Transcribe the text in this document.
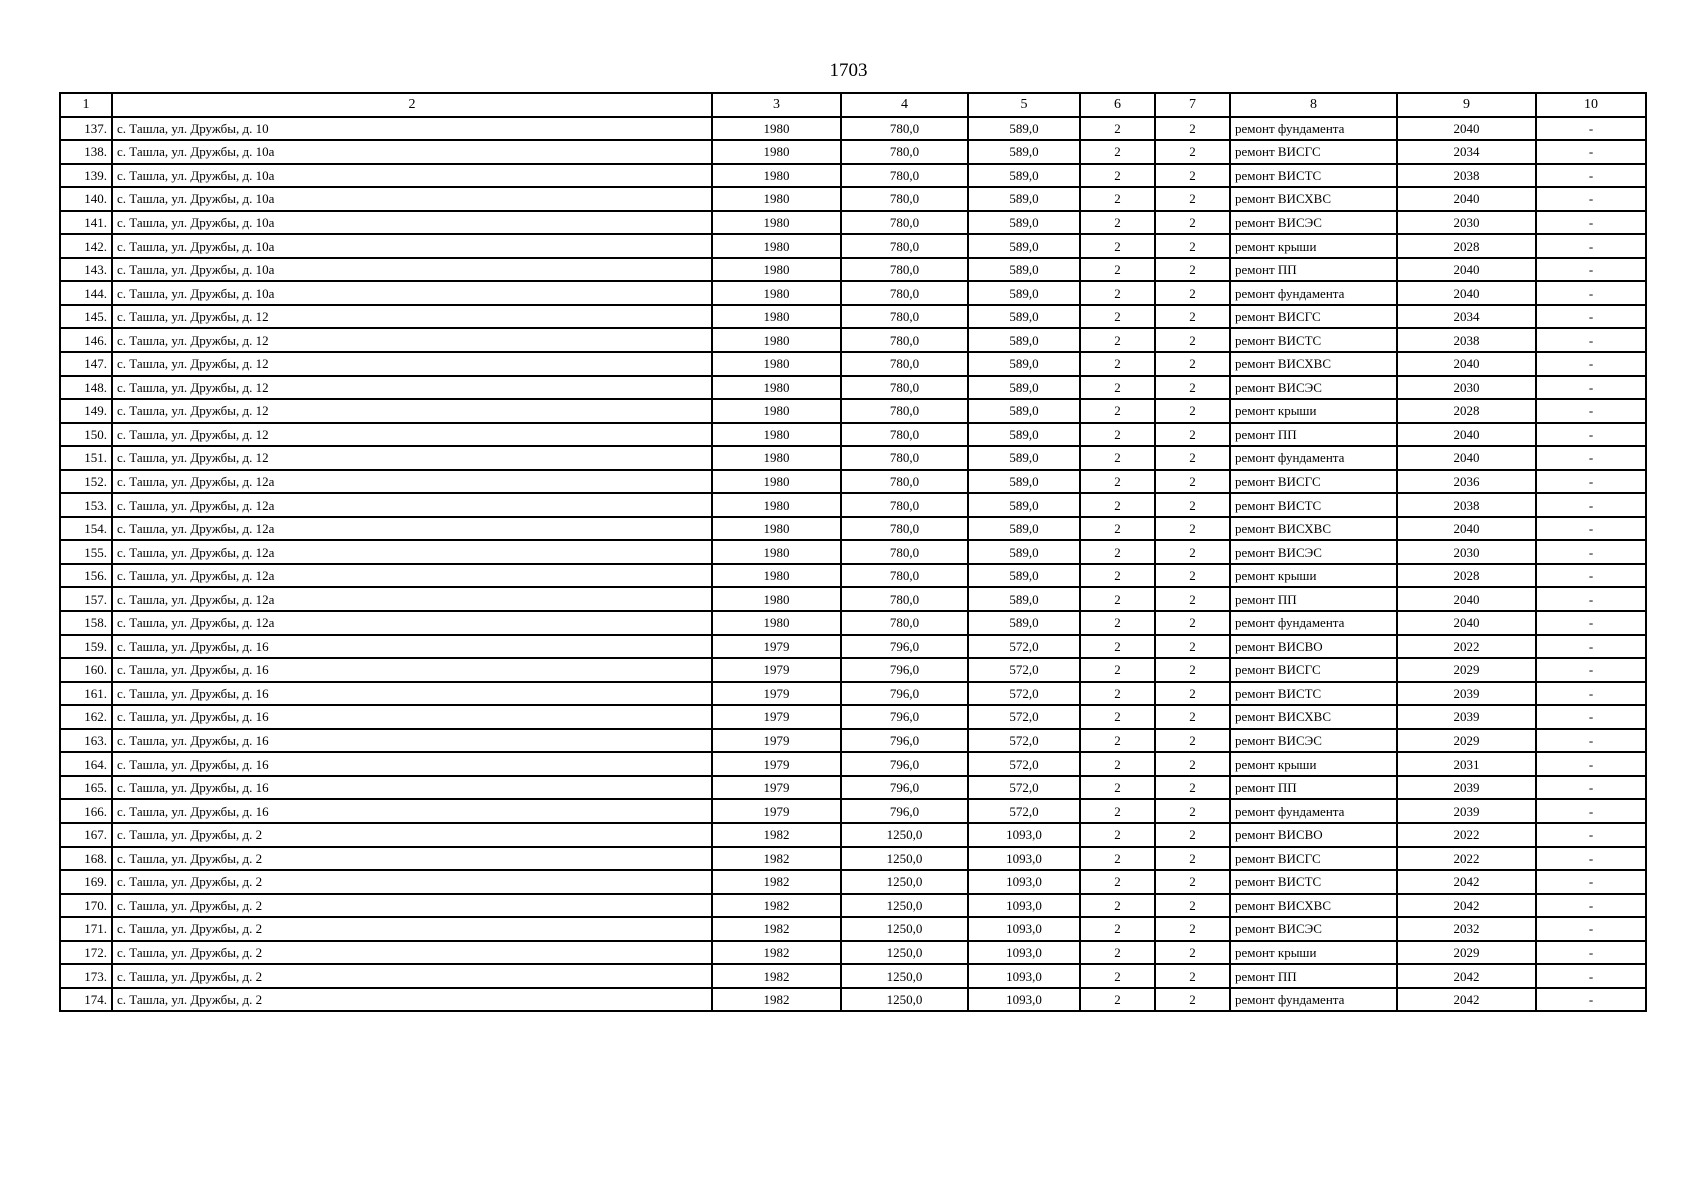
1703
1	2	3	4	5	6	7	8	9	10
137.	с. Ташла, ул. Дружбы, д. 10	1980	780,0	589,0	2	2	ремонт фундамента	2040	-
138.	с. Ташла, ул. Дружбы, д. 10а	1980	780,0	589,0	2	2	ремонт ВИСГС	2034	-
139.	с. Ташла, ул. Дружбы, д. 10а	1980	780,0	589,0	2	2	ремонт ВИСТС	2038	-
140.	с. Ташла, ул. Дружбы, д. 10а	1980	780,0	589,0	2	2	ремонт ВИСХВС	2040	-
141.	с. Ташла, ул. Дружбы, д. 10а	1980	780,0	589,0	2	2	ремонт ВИСЭС	2030	-
142.	с. Ташла, ул. Дружбы, д. 10а	1980	780,0	589,0	2	2	ремонт крыши	2028	-
143.	с. Ташла, ул. Дружбы, д. 10а	1980	780,0	589,0	2	2	ремонт ПП	2040	-
144.	с. Ташла, ул. Дружбы, д. 10а	1980	780,0	589,0	2	2	ремонт фундамента	2040	-
145.	с. Ташла, ул. Дружбы, д. 12	1980	780,0	589,0	2	2	ремонт ВИСГС	2034	-
146.	с. Ташла, ул. Дружбы, д. 12	1980	780,0	589,0	2	2	ремонт ВИСТС	2038	-
147.	с. Ташла, ул. Дружбы, д. 12	1980	780,0	589,0	2	2	ремонт ВИСХВС	2040	-
148.	с. Ташла, ул. Дружбы, д. 12	1980	780,0	589,0	2	2	ремонт ВИСЭС	2030	-
149.	с. Ташла, ул. Дружбы, д. 12	1980	780,0	589,0	2	2	ремонт крыши	2028	-
150.	с. Ташла, ул. Дружбы, д. 12	1980	780,0	589,0	2	2	ремонт ПП	2040	-
151.	с. Ташла, ул. Дружбы, д. 12	1980	780,0	589,0	2	2	ремонт фундамента	2040	-
152.	с. Ташла, ул. Дружбы, д. 12а	1980	780,0	589,0	2	2	ремонт ВИСГС	2036	-
153.	с. Ташла, ул. Дружбы, д. 12а	1980	780,0	589,0	2	2	ремонт ВИСТС	2038	-
154.	с. Ташла, ул. Дружбы, д. 12а	1980	780,0	589,0	2	2	ремонт ВИСХВС	2040	-
155.	с. Ташла, ул. Дружбы, д. 12а	1980	780,0	589,0	2	2	ремонт ВИСЭС	2030	-
156.	с. Ташла, ул. Дружбы, д. 12а	1980	780,0	589,0	2	2	ремонт крыши	2028	-
157.	с. Ташла, ул. Дружбы, д. 12а	1980	780,0	589,0	2	2	ремонт ПП	2040	-
158.	с. Ташла, ул. Дружбы, д. 12а	1980	780,0	589,0	2	2	ремонт фундамента	2040	-
159.	с. Ташла, ул. Дружбы, д. 16	1979	796,0	572,0	2	2	ремонт ВИСВО	2022	-
160.	с. Ташла, ул. Дружбы, д. 16	1979	796,0	572,0	2	2	ремонт ВИСГС	2029	-
161.	с. Ташла, ул. Дружбы, д. 16	1979	796,0	572,0	2	2	ремонт ВИСТС	2039	-
162.	с. Ташла, ул. Дружбы, д. 16	1979	796,0	572,0	2	2	ремонт ВИСХВС	2039	-
163.	с. Ташла, ул. Дружбы, д. 16	1979	796,0	572,0	2	2	ремонт ВИСЭС	2029	-
164.	с. Ташла, ул. Дружбы, д. 16	1979	796,0	572,0	2	2	ремонт крыши	2031	-
165.	с. Ташла, ул. Дружбы, д. 16	1979	796,0	572,0	2	2	ремонт ПП	2039	-
166.	с. Ташла, ул. Дружбы, д. 16	1979	796,0	572,0	2	2	ремонт фундамента	2039	-
167.	с. Ташла, ул. Дружбы, д. 2	1982	1250,0	1093,0	2	2	ремонт ВИСВО	2022	-
168.	с. Ташла, ул. Дружбы, д. 2	1982	1250,0	1093,0	2	2	ремонт ВИСГС	2022	-
169.	с. Ташла, ул. Дружбы, д. 2	1982	1250,0	1093,0	2	2	ремонт ВИСТС	2042	-
170.	с. Ташла, ул. Дружбы, д. 2	1982	1250,0	1093,0	2	2	ремонт ВИСХВС	2042	-
171.	с. Ташла, ул. Дружбы, д. 2	1982	1250,0	1093,0	2	2	ремонт ВИСЭС	2032	-
172.	с. Ташла, ул. Дружбы, д. 2	1982	1250,0	1093,0	2	2	ремонт крыши	2029	-
173.	с. Ташла, ул. Дружбы, д. 2	1982	1250,0	1093,0	2	2	ремонт ПП	2042	-
174.	с. Ташла, ул. Дружбы, д. 2	1982	1250,0	1093,0	2	2	ремонт фундамента	2042	-
